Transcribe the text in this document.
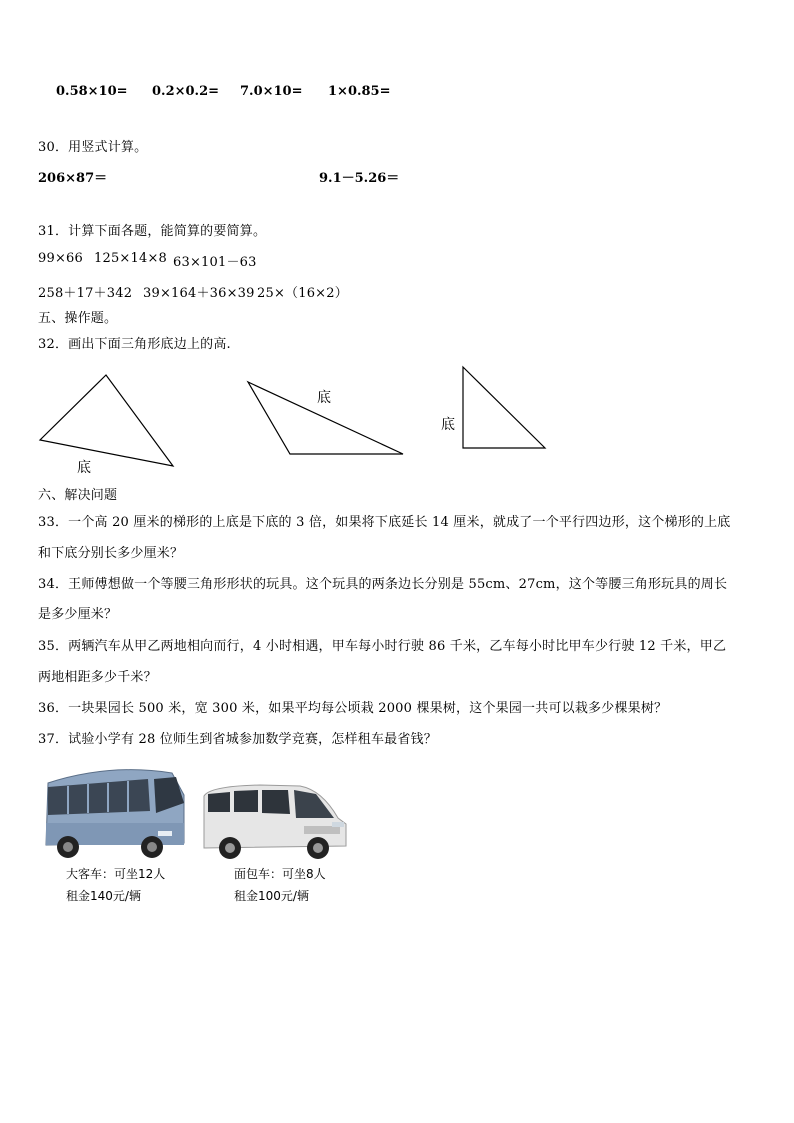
0.58×10= 0.2×0.2= 7.0×10= 1×0.85=
30．用竖式计算。
206×87＝	9.1－5.26＝
31．计算下面各题，能简算的要简算。
99×66 125×14×8 63×101－63
258＋17＋342 39×164＋36×39 25×（16×2）
五、操作题。
32．画出下面三角形底边上的高.
底
底
底
六、解决问题
33．一个高 20 厘米的梯形的上底是下底的 3 倍，如果将下底延长 14 厘米，就成了一个平行四边形，这个梯形的上底
和下底分别长多少厘米？
34．王师傅想做一个等腰三角形形状的玩具。这个玩具的两条边长分别是 55cm、27cm，这个等腰三角形玩具的周长
是多少厘米？
35．两辆汽车从甲乙两地相向而行，4 小时相遇，甲车每小时行驶 86 千米，乙车每小时比甲车少行驶 12 千米，甲乙
两地相距多少千米？
36．一块果园长 500 米，宽 300 米，如果平均每公顷栽 2000 棵果树，这个果园一共可以栽多少棵果树？
37．试验小学有 28 位师生到省城参加数学竞赛，怎样租车最省钱？
大客车：可坐12人
租金140元/辆
面包车：可坐8人
租金100元/辆
